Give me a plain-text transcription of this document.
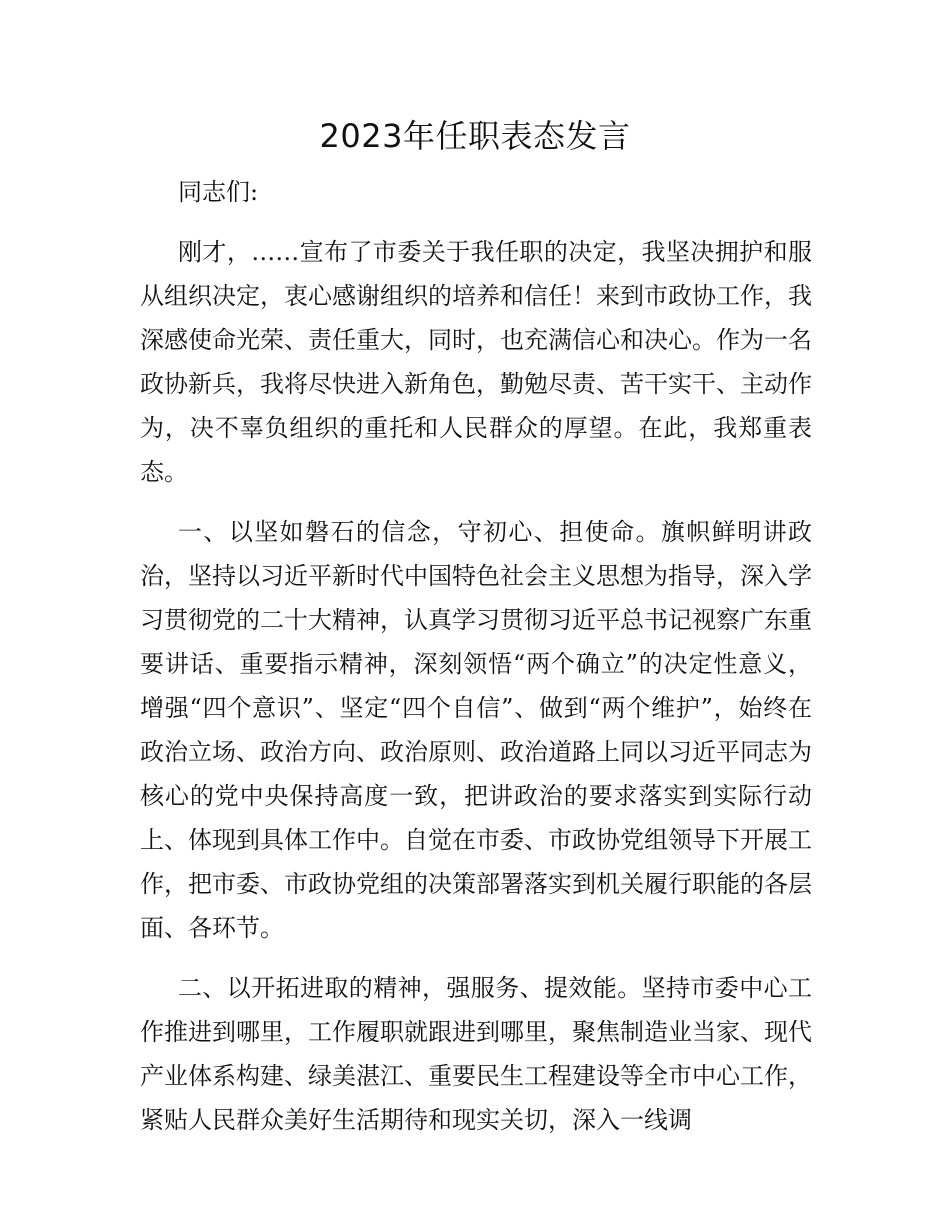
2023年任职表态发言

同志们:

刚才，……宣布了市委关于我任职的决定，我坚决拥护和服从组织决定，衷心感谢组织的培养和信任！来到市政协工作，我深感使命光荣、责任重大，同时，也充满信心和决心。作为一名政协新兵，我将尽快进入新角色，勤勉尽责、苦干实干、主动作为，决不辜负组织的重托和人民群众的厚望。在此，我郑重表态。

一、以坚如磐石的信念，守初心、担使命。旗帜鲜明讲政治，坚持以习近平新时代中国特色社会主义思想为指导，深入学习贯彻党的二十大精神，认真学习贯彻习近平总书记视察广东重要讲话、重要指示精神，深刻领悟“两个确立”的决定性意义，增强“四个意识”、坚定“四个自信”、做到“两个维护”，始终在政治立场、政治方向、政治原则、政治道路上同以习近平同志为核心的党中央保持高度一致，把讲政治的要求落实到实际行动上、体现到具体工作中。自觉在市委、市政协党组领导下开展工作，把市委、市政协党组的决策部署落实到机关履行职能的各层面、各环节。

二、以开拓进取的精神，强服务、提效能。坚持市委中心工作推进到哪里，工作履职就跟进到哪里，聚焦制造业当家、现代产业体系构建、绿美湛江、重要民生工程建设等全市中心工作，紧贴人民群众美好生活期待和现实关切，深入一线调
